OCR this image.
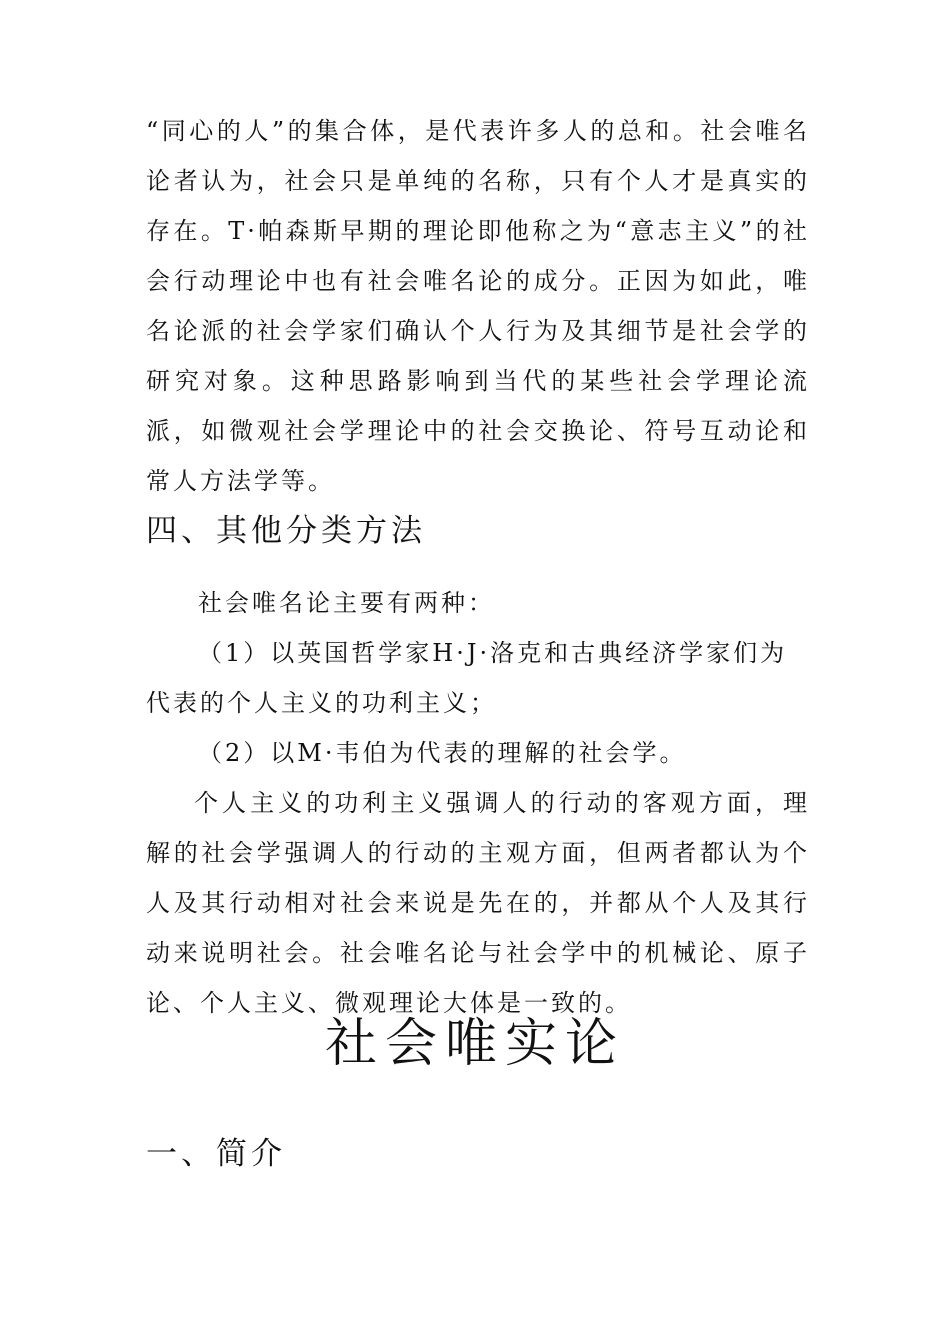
“同心的人”的集合体，是代表许多人的总和。社会唯名论者认为，社会只是单纯的名称，只有个人才是真实的存在。T·帕森斯早期的理论即他称之为“意志主义”的社会行动理论中也有社会唯名论的成分。正因为如此，唯名论派的社会学家们确认个人行为及其细节是社会学的研究对象。这种思路影响到当代的某些社会学理论流派，如微观社会学理论中的社会交换论、符号互动论和常人方法学等。

四、其他分类方法

社会唯名论主要有两种：

（1）以英国哲学家H·J·洛克和古典经济学家们为代表的个人主义的功利主义；

（2）以M·韦伯为代表的理解的社会学。

个人主义的功利主义强调人的行动的客观方面，理解的社会学强调人的行动的主观方面，但两者都认为个人及其行动相对社会来说是先在的，并都从个人及其行动来说明社会。社会唯名论与社会学中的机械论、原子论、个人主义、微观理论大体是一致的。

社会唯实论
一、简介
